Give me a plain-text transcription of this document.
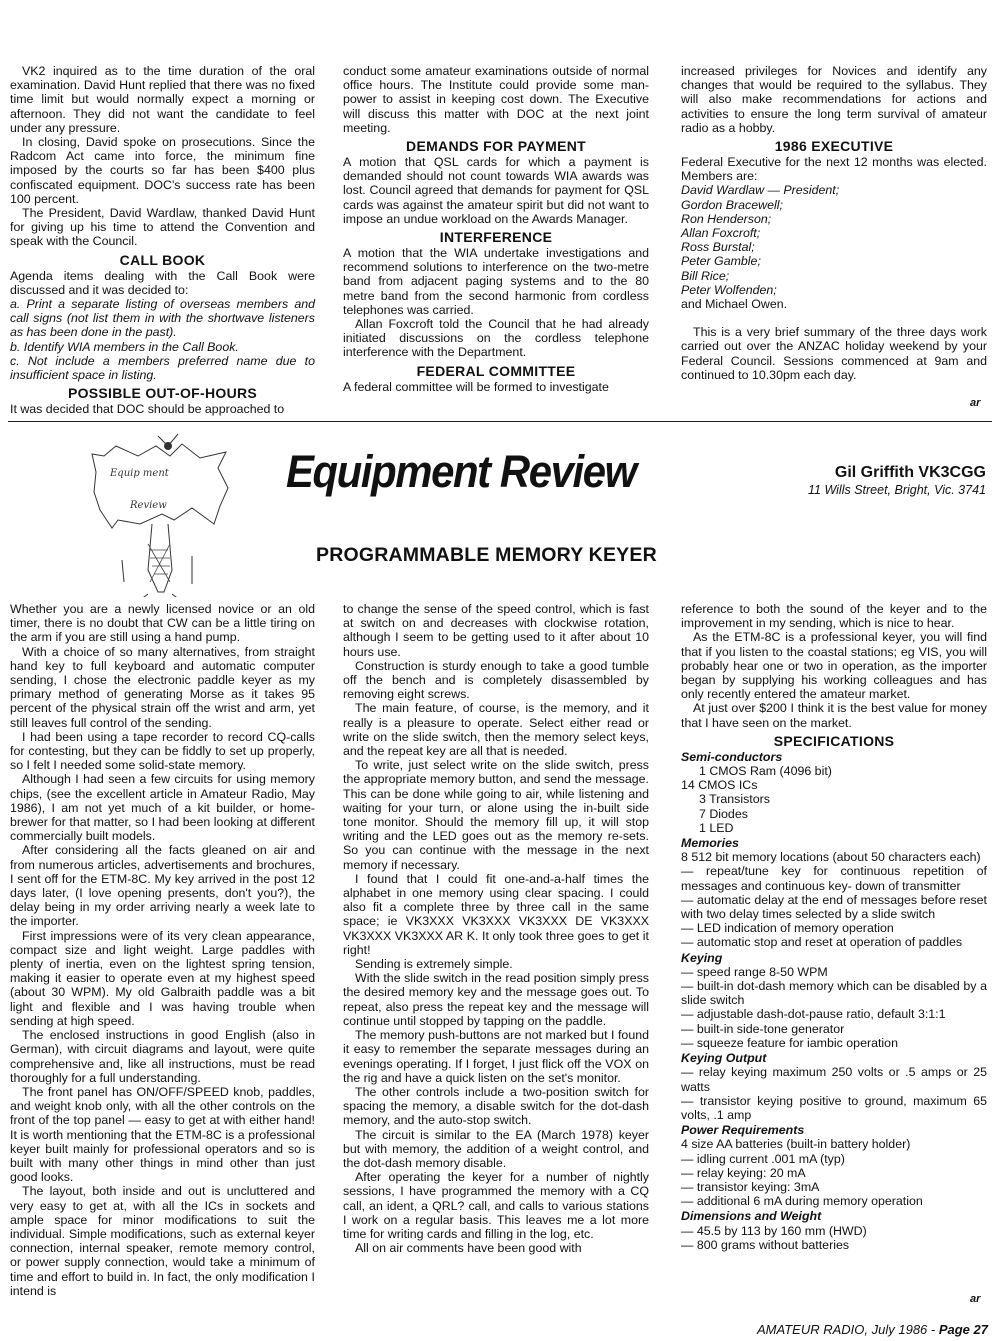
VK2 inquired as to the time duration of the oral examination. David Hunt replied that there was no fixed time limit but would normally expect a morning or afternoon. They did not want the candidate to feel under any pressure.

In closing, David spoke on prosecutions. Since the Radcom Act came into force, the minimum fine imposed by the courts so far has been $400 plus confiscated equipment. DOC's success rate has been 100 percent.

The President, David Wardlaw, thanked David Hunt for giving up his time to attend the Convention and speak with the Council.

CALL BOOK

Agenda items dealing with the Call Book were discussed and it was decided to:

a. Print a separate listing of overseas members and call signs (not list them in with the shortwave listeners as has been done in the past).

b. Identify WIA members in the Call Book.

c. Not include a members preferred name due to insufficient space in listing.

POSSIBLE OUT-OF-HOURS

It was decided that DOC should be approached to

conduct some amateur examinations outside of normal office hours. The Institute could provide some man-power to assist in keeping cost down. The Executive will discuss this matter with DOC at the next joint meeting.

DEMANDS FOR PAYMENT

A motion that QSL cards for which a payment is demanded should not count towards WIA awards was lost. Council agreed that demands for payment for QSL cards was against the amateur spirit but did not want to impose an undue workload on the Awards Manager.

INTERFERENCE

A motion that the WIA undertake investigations and recommend solutions to interference on the two-metre band from adjacent paging systems and to the 80 metre band from the second harmonic from cordless telephones was carried.

Allan Foxcroft told the Council that he had already initiated discussions on the cordless telephone interference with the Department.

FEDERAL COMMITTEE

A federal committee will be formed to investigate

increased privileges for Novices and identify any changes that would be required to the syllabus. They will also make recommendations for actions and activities to ensure the long term survival of amateur radio as a hobby.

1986 EXECUTIVE

Federal Executive for the next 12 months was elected. Members are:

David Wardlaw — President;

Gordon Bracewell;

Ron Henderson;

Allan Foxcroft;

Ross Burstal;

Peter Gamble;

Bill Rice;

Peter Wolfenden;

and Michael Owen.

This is a very brief summary of the three days work carried out over the ANZAC holiday weekend by your Federal Council. Sessions commenced at 9am and continued to 10.30pm each day.

ar
Equip ment
Review
Equipment Review	Gil Griffith VK3CGG
11 Wills Street, Bright, Vic. 3741
PROGRAMMABLE MEMORY KEYER

Whether you are a newly licensed novice or an old timer, there is no doubt that CW can be a little tiring on the arm if you are still using a hand pump.

With a choice of so many alternatives, from straight hand key to full keyboard and automatic computer sending, I chose the electronic paddle keyer as my primary method of generating Morse as it takes 95 percent of the physical strain off the wrist and arm, yet still leaves full control of the sending.

I had been using a tape recorder to record CQ-calls for contesting, but they can be fiddly to set up properly, so I felt I needed some solid-state memory.

Although I had seen a few circuits for using memory chips, (see the excellent article in Amateur Radio, May 1986), I am not yet much of a kit builder, or home-brewer for that matter, so I had been looking at different commercially built models.

After considering all the facts gleaned on air and from numerous articles, advertisements and brochures, I sent off for the ETM-8C. My key arrived in the post 12 days later, (I love opening presents, don't you?), the delay being in my order arriving nearly a week late to the importer.

First impressions were of its very clean appearance, compact size and light weight. Large paddles with plenty of inertia, even on the lightest spring tension, making it easier to operate even at my highest speed (about 30 WPM). My old Galbraith paddle was a bit light and flexible and I was having trouble when sending at high speed.

The enclosed instructions in good English (also in German), with circuit diagrams and layout, were quite comprehensive and, like all instructions, must be read thoroughly for a full understanding.

The front panel has ON/OFF/SPEED knob, paddles, and weight knob only, with all the other controls on the front of the top panel — easy to get at with either hand! It is worth mentioning that the ETM-8C is a professional keyer built mainly for professional operators and so is built with many other things in mind other than just good looks.

The layout, both inside and out is uncluttered and very easy to get at, with all the ICs in sockets and ample space for minor modifications to suit the individual. Simple modifications, such as external keyer connection, internal speaker, remote memory control, or power supply connection, would take a minimum of time and effort to build in. In fact, the only modification I intend is

to change the sense of the speed control, which is fast at switch on and decreases with clockwise rotation, although I seem to be getting used to it after about 10 hours use.

Construction is sturdy enough to take a good tumble off the bench and is completely disassembled by removing eight screws.

The main feature, of course, is the memory, and it really is a pleasure to operate. Select either read or write on the slide switch, then the memory select keys, and the repeat key are all that is needed.

To write, just select write on the slide switch, press the appropriate memory button, and send the message. This can be done while going to air, while listening and waiting for your turn, or alone using the in-built side tone monitor. Should the memory fill up, it will stop writing and the LED goes out as the memory re-sets. So you can continue with the message in the next memory if necessary.

I found that I could fit one-and-a-half times the alphabet in one memory using clear spacing. I could also fit a complete three by three call in the same space; ie VK3XXX VK3XXX VK3XXX DE VK3XXX VK3XXX VK3XXX AR K. It only took three goes to get it right!

Sending is extremely simple.

With the slide switch in the read position simply press the desired memory key and the message goes out. To repeat, also press the repeat key and the message will continue until stopped by tapping on the paddle.

The memory push-buttons are not marked but I found it easy to remember the separate messages during an evenings operating. If I forget, I just flick off the VOX on the rig and have a quick listen on the set's monitor.

The other controls include a two-position switch for spacing the memory, a disable switch for the dot-dash memory, and the auto-stop switch.

The circuit is similar to the EA (March 1978) keyer but with memory, the addition of a weight control, and the dot-dash memory disable.

After operating the keyer for a number of nightly sessions, I have programmed the memory with a CQ call, an ident, a QRL? call, and calls to various stations I work on a regular basis. This leaves me a lot more time for writing cards and filling in the log, etc.

All on air comments have been good with

reference to both the sound of the keyer and to the improvement in my sending, which is nice to hear.

As the ETM-8C is a professional keyer, you will find that if you listen to the coastal stations; eg VIS, you will probably hear one or two in operation, as the importer began by supplying his working colleagues and has only recently entered the amateur market.

At just over $200 I think it is the best value for money that I have seen on the market.

SPECIFICATIONS

Semi-conductors

1 CMOS Ram (4096 bit)

14 CMOS ICs

3 Transistors

7 Diodes

1 LED

Memories

8 512 bit memory locations (about 50 characters each)

— repeat/tune key for continuous repetition of messages and continuous key- down of transmitter

— automatic delay at the end of messages before reset with two delay times selected by a slide switch

— LED indication of memory operation

— automatic stop and reset at operation of paddles

Keying

— speed range 8-50 WPM

— built-in dot-dash memory which can be disabled by a slide switch

— adjustable dash-dot-pause ratio, default 3:1:1

— built-in side-tone generator

— squeeze feature for iambic operation

Keying Output

— relay keying maximum 250 volts or .5 amps or 25 watts

— transistor keying positive to ground, maximum 65 volts, .1 amp

Power Requirements

4 size AA batteries (built-in battery holder)

— idling current .001 mA (typ)

— relay keying: 20 mA

— transistor keying: 3mA

— additional 6 mA during memory operation

Dimensions and Weight

— 45.5 by 113 by 160 mm (HWD)

— 800 grams without batteries

ar
AMATEUR RADIO, July 1986 - Page 27
